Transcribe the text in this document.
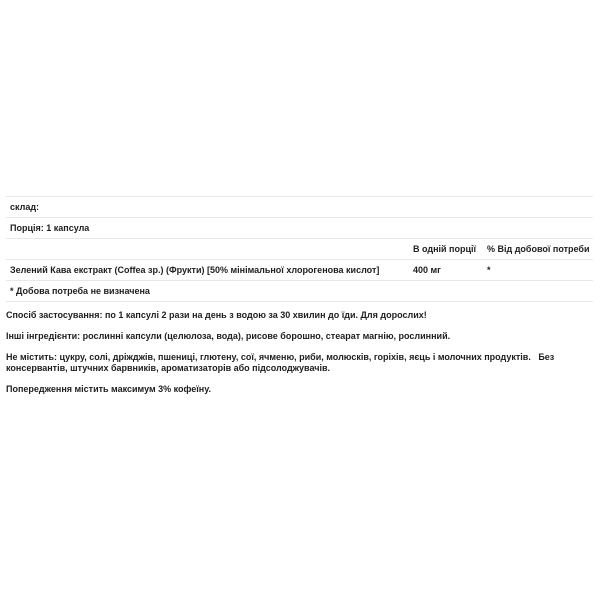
склад:		
Порція: 1 капсула		
	В одній порції	% Від добової потреби
Зелений Кава екстракт (Coffea зр.) (Фрукти) [50% мінімальної хлорогенова кислот]	400 мг	*
* Добова потреба не визначена		

Спосіб застосування: по 1 капсулі 2 рази на день з водою за 30 хвилин до їди. Для дорослих!

Інші інгредієнти: рослинні капсули (целюлоза, вода), рисове борошно, стеарат магнію, рослинний.

Не містить: цукру, солі, дріжджів, пшениці, глютену, сої, ячменю, риби, молюсків, горіхів, яєць і молочних продуктів.   Без консервантів, штучних барвників, ароматизаторів або підсолоджувачів.

Попередження містить максимум 3% кофеїну.
